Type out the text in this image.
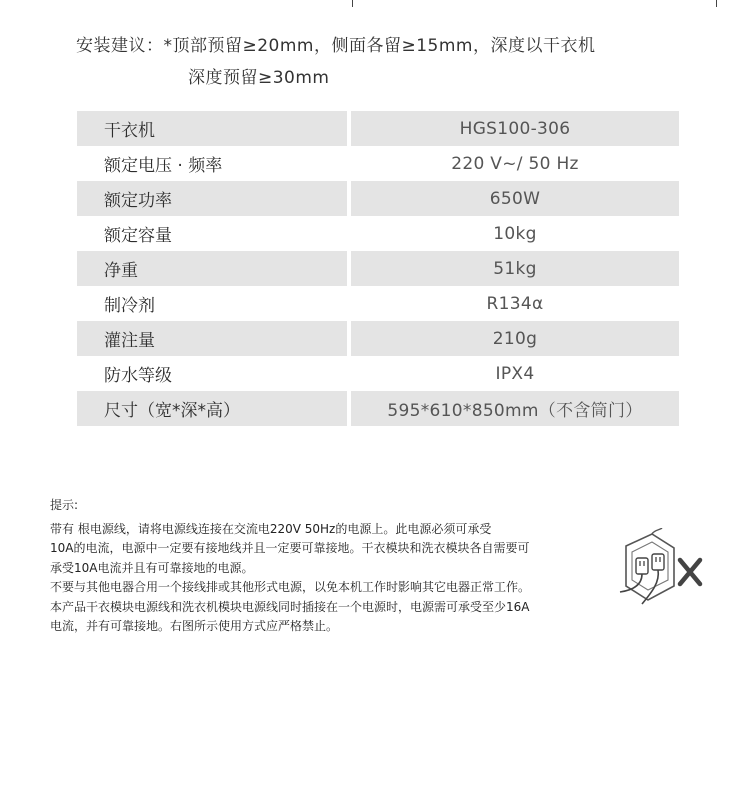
安装建议：*顶部预留≥20mm，侧面各留≥15mm，深度以干衣机
深度预留≥30mm
干衣机	HGS100-306
额定电压 · 频率	220 V~/ 50 Hz
额定功率	650W
额定容量	10kg
净重	51kg
制冷剂	R134α
灌注量	210g
防水等级	IPX4
尺寸（宽*深*高）	595*610*850mm（不含筒门）

提示:

带有 根电源线，请将电源线连接在交流电220V 50Hz的电源上。此电源必须可承受

10A的电流，电源中一定要有接地线并且一定要可靠接地。干衣模块和洗衣模块各自需要可

承受10A电流并且有可靠接地的电源。

不要与其他电器合用一个接线排或其他形式电源，以免本机工作时影响其它电器正常工作。

本产品干衣模块电源线和洗衣机模块电源线同时插接在一个电源时，电源需可承受至少16A

电流，并有可靠接地。右图所示使用方式应严格禁止。
